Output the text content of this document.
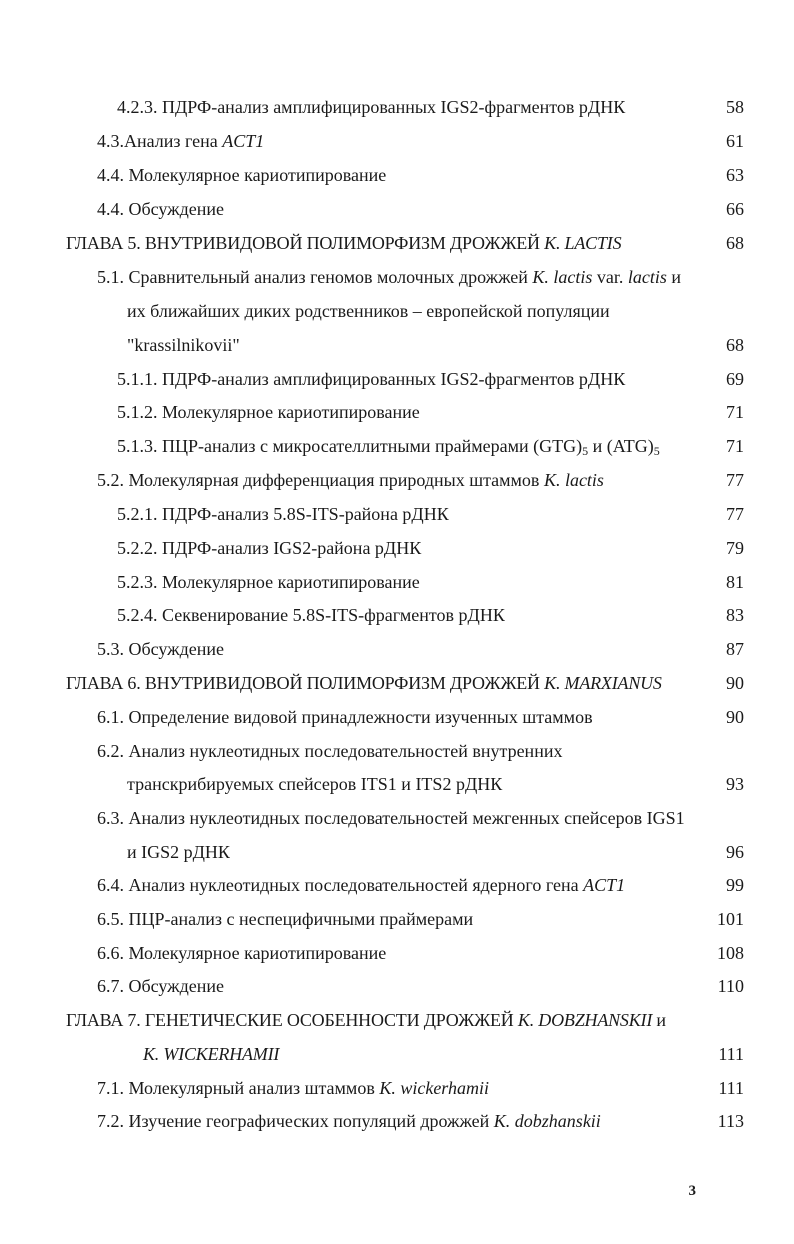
4.2.3. ПДРФ-анализ амплифицированных IGS2-фрагментов рДНК	58
4.3.Анализ гена ACT1	61
4.4. Молекулярное кариотипирование	63
4.4. Обсуждение	66
ГЛАВА 5. ВНУТРИВИДОВОЙ ПОЛИМОРФИЗМ ДРОЖЖЕЙ K. LACTIS	68
5.1. Сравнительный анализ геномов молочных дрожжей K. lactis var. lactis и
их ближайших диких родственников – европейской популяции
"krassilnikovii"	68
5.1.1. ПДРФ-анализ амплифицированных IGS2-фрагментов рДНК	69
5.1.2. Молекулярное кариотипирование	71
5.1.3. ПЦР-анализ с микросателлитными праймерами $(GTG)_5$ и $(ATG)_5$	71
5.2. Молекулярная дифференциация природных штаммов K. lactis	77
5.2.1. ПДРФ-анализ 5.8S-ITS-района рДНК	77
5.2.2. ПДРФ-анализ IGS2-района рДНК	79
5.2.3. Молекулярное кариотипирование	81
5.2.4. Секвенирование 5.8S-ITS-фрагментов рДНК	83
5.3. Обсуждение	87
ГЛАВА 6. ВНУТРИВИДОВОЙ ПОЛИМОРФИЗМ ДРОЖЖЕЙ K. MARXIANUS	90
6.1. Определение видовой принадлежности изученных штаммов	90
6.2. Анализ нуклеотидных последовательностей внутренних
транскрибируемых спейсеров ITS1 и ITS2 рДНК	93
6.3. Анализ нуклеотидных последовательностей межгенных спейсеров IGS1
и IGS2 рДНК	96
6.4. Анализ нуклеотидных последовательностей ядерного гена ACT1	99
6.5. ПЦР-анализ с неспецифичными праймерами	101
6.6. Молекулярное кариотипирование	108
6.7. Обсуждение	110
ГЛАВА 7. ГЕНЕТИЧЕСКИЕ ОСОБЕННОСТИ ДРОЖЖЕЙ K. DOBZHANSKII и
K. WICKERHAMII	111
7.1. Молекулярный анализ штаммов K. wickerhamii	111
7.2. Изучение географических популяций дрожжей K. dobzhanskii	113
3
